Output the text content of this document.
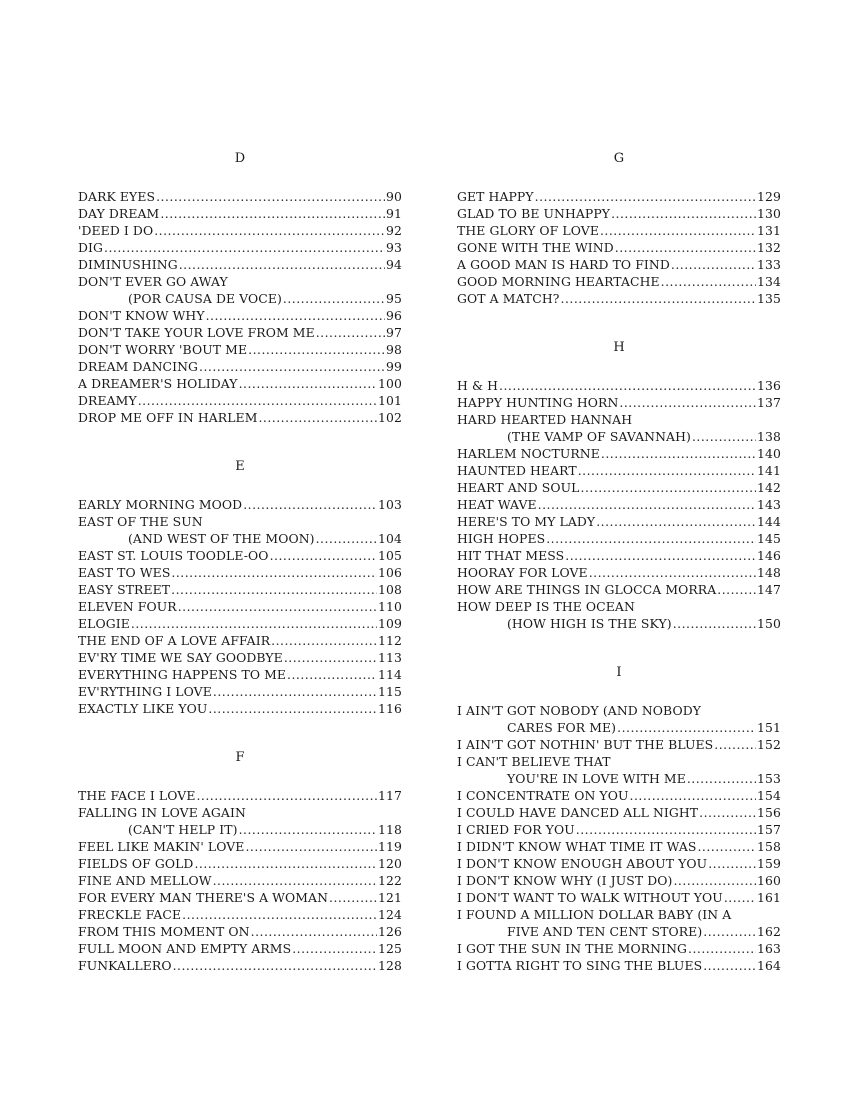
D
DARK EYES .....	90
DAY DREAM .....	91
'DEED I DO .....	92
DIG .....	93
DIMINUSHING .....	94
DON'T EVER GO AWAY
(POR CAUSA DE VOCE) .....	95
DON'T KNOW WHY .....	96
DON'T TAKE YOUR LOVE FROM ME .....	97
DON'T WORRY 'BOUT ME .....	98
DREAM DANCING .....	99
A DREAMER'S HOLIDAY .....	100
DREAMY .....	101
DROP ME OFF IN HARLEM .....	102
E
EARLY MORNING MOOD .....	103
EAST OF THE SUN
(AND WEST OF THE MOON) .....	104
EAST ST. LOUIS TOODLE-OO .....	105
EAST TO WES .....	106
EASY STREET .....	108
ELEVEN FOUR .....	110
ELOGIE .....	109
THE END OF A LOVE AFFAIR .....	112
EV'RY TIME WE SAY GOODBYE .....	113
EVERYTHING HAPPENS TO ME .....	114
EV'RYTHING I LOVE .....	115
EXACTLY LIKE YOU .....	116
F
THE FACE I LOVE .....	117
FALLING IN LOVE AGAIN
(CAN'T HELP IT) .....	118
FEEL LIKE MAKIN' LOVE .....	119
FIELDS OF GOLD .....	120
FINE AND MELLOW .....	122
FOR EVERY MAN THERE'S A WOMAN .....	121
FRECKLE FACE .....	124
FROM THIS MOMENT ON .....	126
FULL MOON AND EMPTY ARMS .....	125
FUNKALLERO .....	128
G
GET HAPPY .....	129
GLAD TO BE UNHAPPY .....	130
THE GLORY OF LOVE .....	131
GONE WITH THE WIND .....	132
A GOOD MAN IS HARD TO FIND .....	133
GOOD MORNING HEARTACHE .....	134
GOT A MATCH? .....	135
H
H & H .....	136
HAPPY HUNTING HORN .....	137
HARD HEARTED HANNAH
(THE VAMP OF SAVANNAH) .....	138
HARLEM NOCTURNE .....	140
HAUNTED HEART .....	141
HEART AND SOUL .....	142
HEAT WAVE .....	143
HERE'S TO MY LADY .....	144
HIGH HOPES .....	145
HIT THAT MESS .....	146
HOORAY FOR LOVE .....	148
HOW ARE THINGS IN GLOCCA MORRA .....	147
HOW DEEP IS THE OCEAN
(HOW HIGH IS THE SKY) .....	150
I
I AIN'T GOT NOBODY (AND NOBODY
CARES FOR ME) .....	151
I AIN'T GOT NOTHIN' BUT THE BLUES .....	152
I CAN'T BELIEVE THAT
YOU'RE IN LOVE WITH ME .....	153
I CONCENTRATE ON YOU .....	154
I COULD HAVE DANCED ALL NIGHT .....	156
I CRIED FOR YOU .....	157
I DIDN'T KNOW WHAT TIME IT WAS .....	158
I DON'T KNOW ENOUGH ABOUT YOU .....	159
I DON'T KNOW WHY (I JUST DO) .....	160
I DON'T WANT TO WALK WITHOUT YOU .....	161
I FOUND A MILLION DOLLAR BABY (IN A
FIVE AND TEN CENT STORE) .....	162
I GOT THE SUN IN THE MORNING .....	163
I GOTTA RIGHT TO SING THE BLUES .....	164
